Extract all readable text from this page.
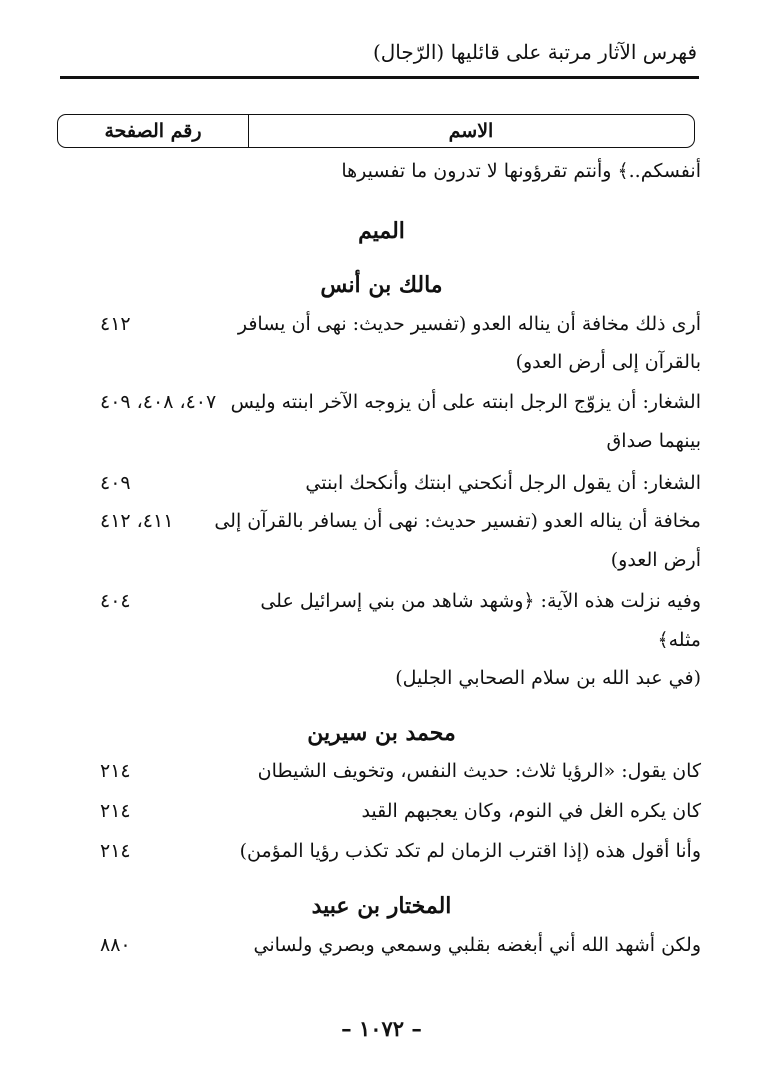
فهرس الآثار مرتبة على قائليها (الرّجال)
الاسم
رقم الصفحة
أنفسكم..﴾ وأنتم تقرؤونها لا تدرون ما تفسيرها
الميم
مالك بن أنس
أرى ذلك مخافة أن يناله العدو (تفسير حديث: نهى أن يسافر
٤١٢
بالقرآن إلى أرض العدو)
الشغار: أن يزوّج الرجل ابنته على أن يزوجه الآخر ابنته وليس
٤٠٧، ٤٠٨، ٤٠٩
بينهما صداق
الشغار: أن يقول الرجل أنكحني ابنتك وأنكحك ابنتي
٤٠٩
مخافة أن يناله العدو (تفسير حديث: نهى أن يسافر بالقرآن إلى
٤١١، ٤١٢
أرض العدو)
وفيه نزلت هذه الآية: ﴿وشهد شاهد من بني إسرائيل على
٤٠٤
مثله﴾
(في عبد الله بن سلام الصحابي الجليل)
محمد بن سيرين
كان يقول: «الرؤيا ثلاث: حديث النفس، وتخويف الشيطان
٢١٤
كان يكره الغل في النوم، وكان يعجبهم القيد
٢١٤
وأنا أقول هذه (إذا اقترب الزمان لم تكد تكذب رؤيا المؤمن)
٢١٤
المختار بن عبيد
ولكن أشهد الله أني أبغضه بقلبي وسمعي وبصري ولساني
٨٨٠
– ١٠٧٢ –
